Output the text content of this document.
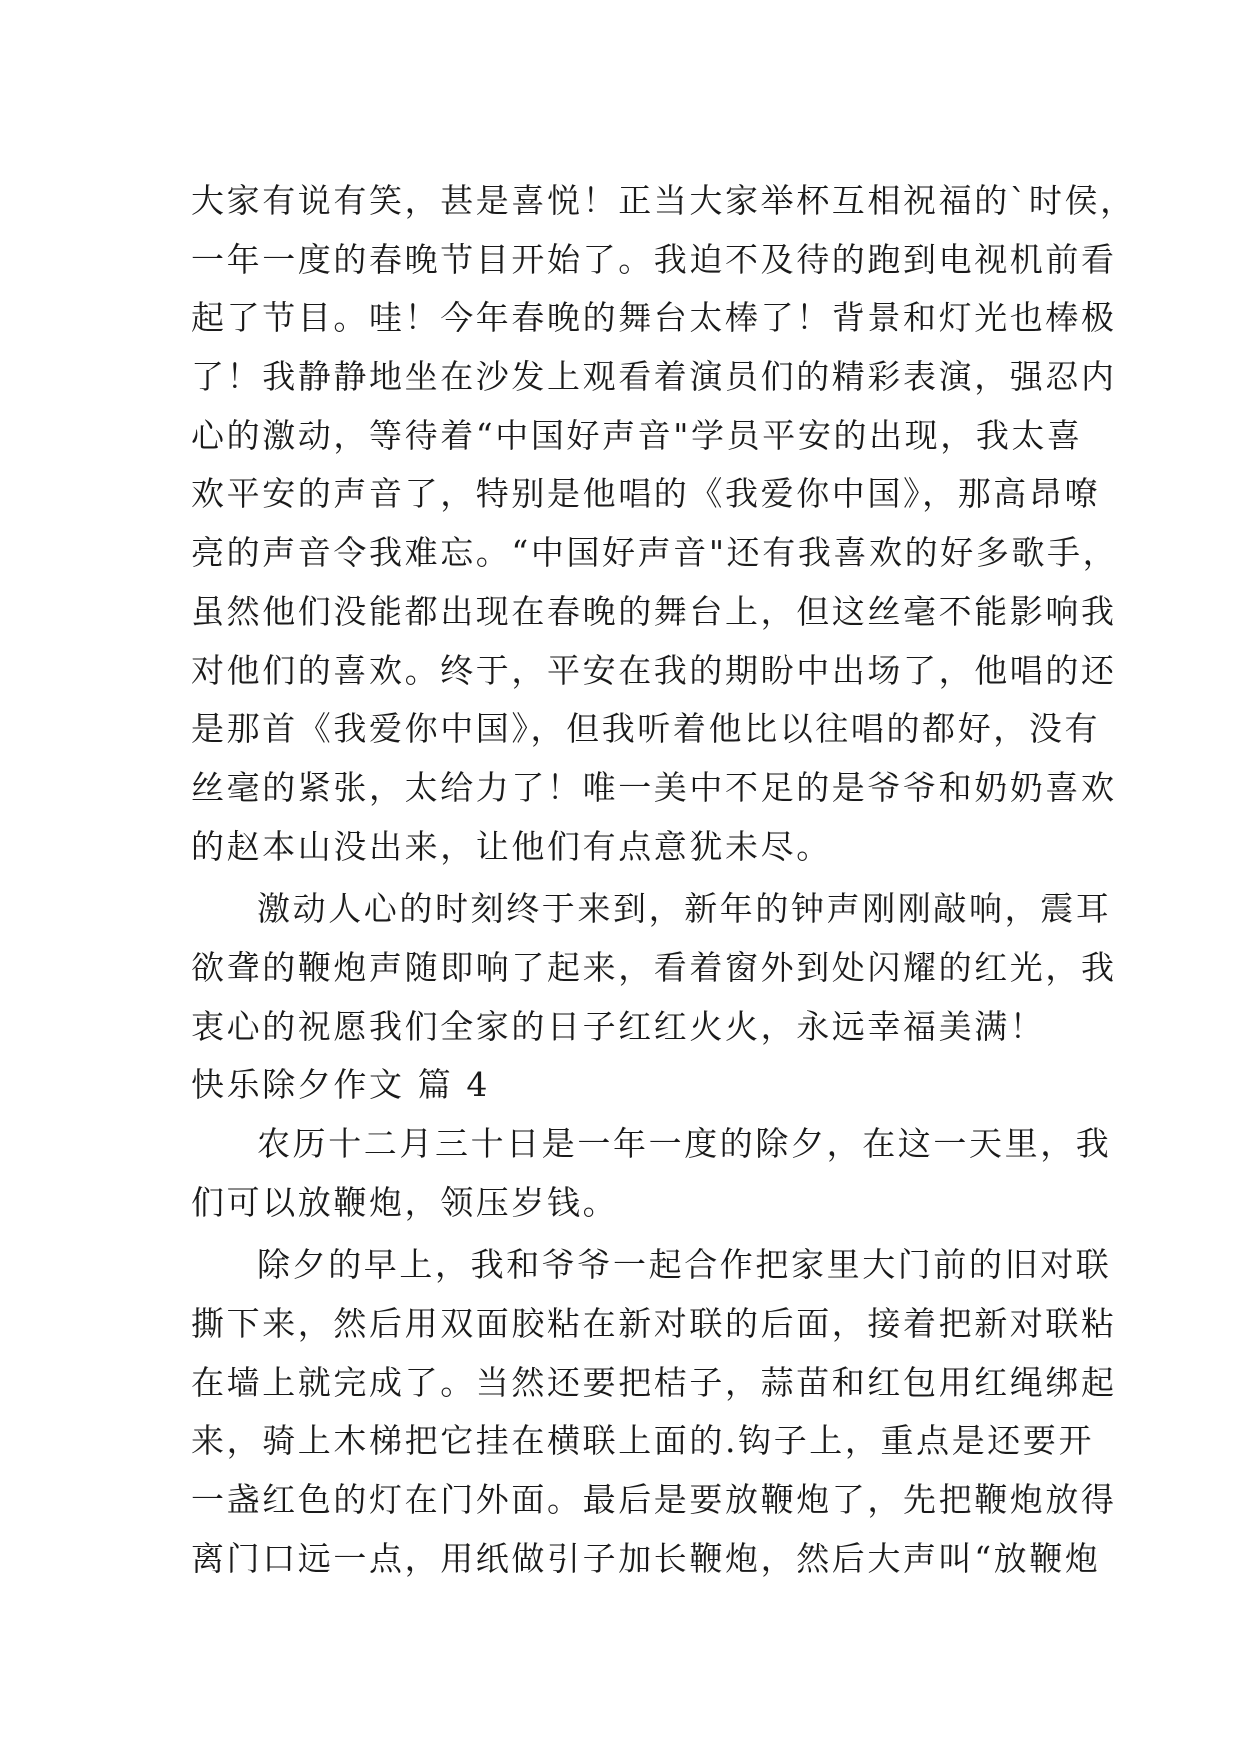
大家有说有笑，甚是喜悦！正当大家举杯互相祝福的`时侯，
一年一度的春晚节目开始了。我迫不及待的跑到电视机前看
起了节目。哇！今年春晚的舞台太棒了！背景和灯光也棒极
了！我静静地坐在沙发上观看着演员们的精彩表演，强忍内
心的激动，等待着“中国好声音"学员平安的出现，我太喜
欢平安的声音了，特别是他唱的《我爱你中国》，那高昂嘹
亮的声音令我难忘。“中国好声音"还有我喜欢的好多歌手，
虽然他们没能都出现在春晚的舞台上，但这丝毫不能影响我
对他们的喜欢。终于，平安在我的期盼中出场了，他唱的还
是那首《我爱你中国》，但我听着他比以往唱的都好，没有
丝毫的紧张，太给力了！唯一美中不足的是爷爷和奶奶喜欢
的赵本山没出来，让他们有点意犹未尽。
激动人心的时刻终于来到，新年的钟声刚刚敲响，震耳
欲聋的鞭炮声随即响了起来，看着窗外到处闪耀的红光，我
衷心的祝愿我们全家的日子红红火火，永远幸福美满！
快乐除夕作文 篇 4
农历十二月三十日是一年一度的除夕，在这一天里，我
们可以放鞭炮，领压岁钱。
除夕的早上，我和爷爷一起合作把家里大门前的旧对联
撕下来，然后用双面胶粘在新对联的后面，接着把新对联粘
在墙上就完成了。当然还要把桔子，蒜苗和红包用红绳绑起
来，骑上木梯把它挂在横联上面的.钩子上，重点是还要开
一盏红色的灯在门外面。最后是要放鞭炮了，先把鞭炮放得
离门口远一点，用纸做引子加长鞭炮，然后大声叫“放鞭炮
